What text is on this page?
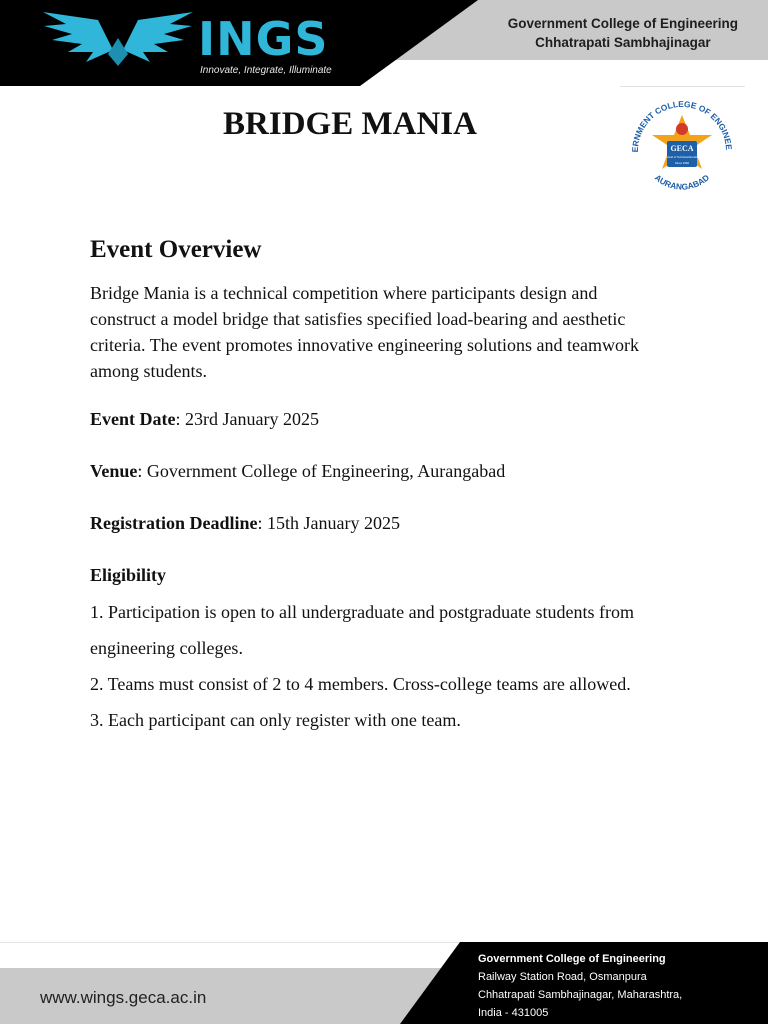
INGS
Innovate, Integrate, Illuminate
Government College of Engineering
Chhatrapati Sambhajinagar
ERNMENT COLLEGE OF ENGINEE
AURANGABAD
GECA
In Pursuit of Technical Excellence
Since 1960
BRIDGE MANIA
Event Overview
Bridge Mania is a technical competition where participants design and construct a model bridge that satisfies specified load-bearing and aesthetic criteria. The event promotes innovative engineering solutions and teamwork among students.
Event Date: 23rd January 2025
Venue: Government College of Engineering, Aurangabad
Registration Deadline: 15th January 2025
Eligibility
1. Participation is open to all undergraduate and postgraduate students from engineering colleges.
2. Teams must consist of 2 to 4 members. Cross-college teams are allowed.
3. Each participant can only register with one team.
www.wings.geca.ac.in
Government College of Engineering
Railway Station Road, Osmanpura
Chhatrapati Sambhajinagar, Maharashtra,
India - 431005
